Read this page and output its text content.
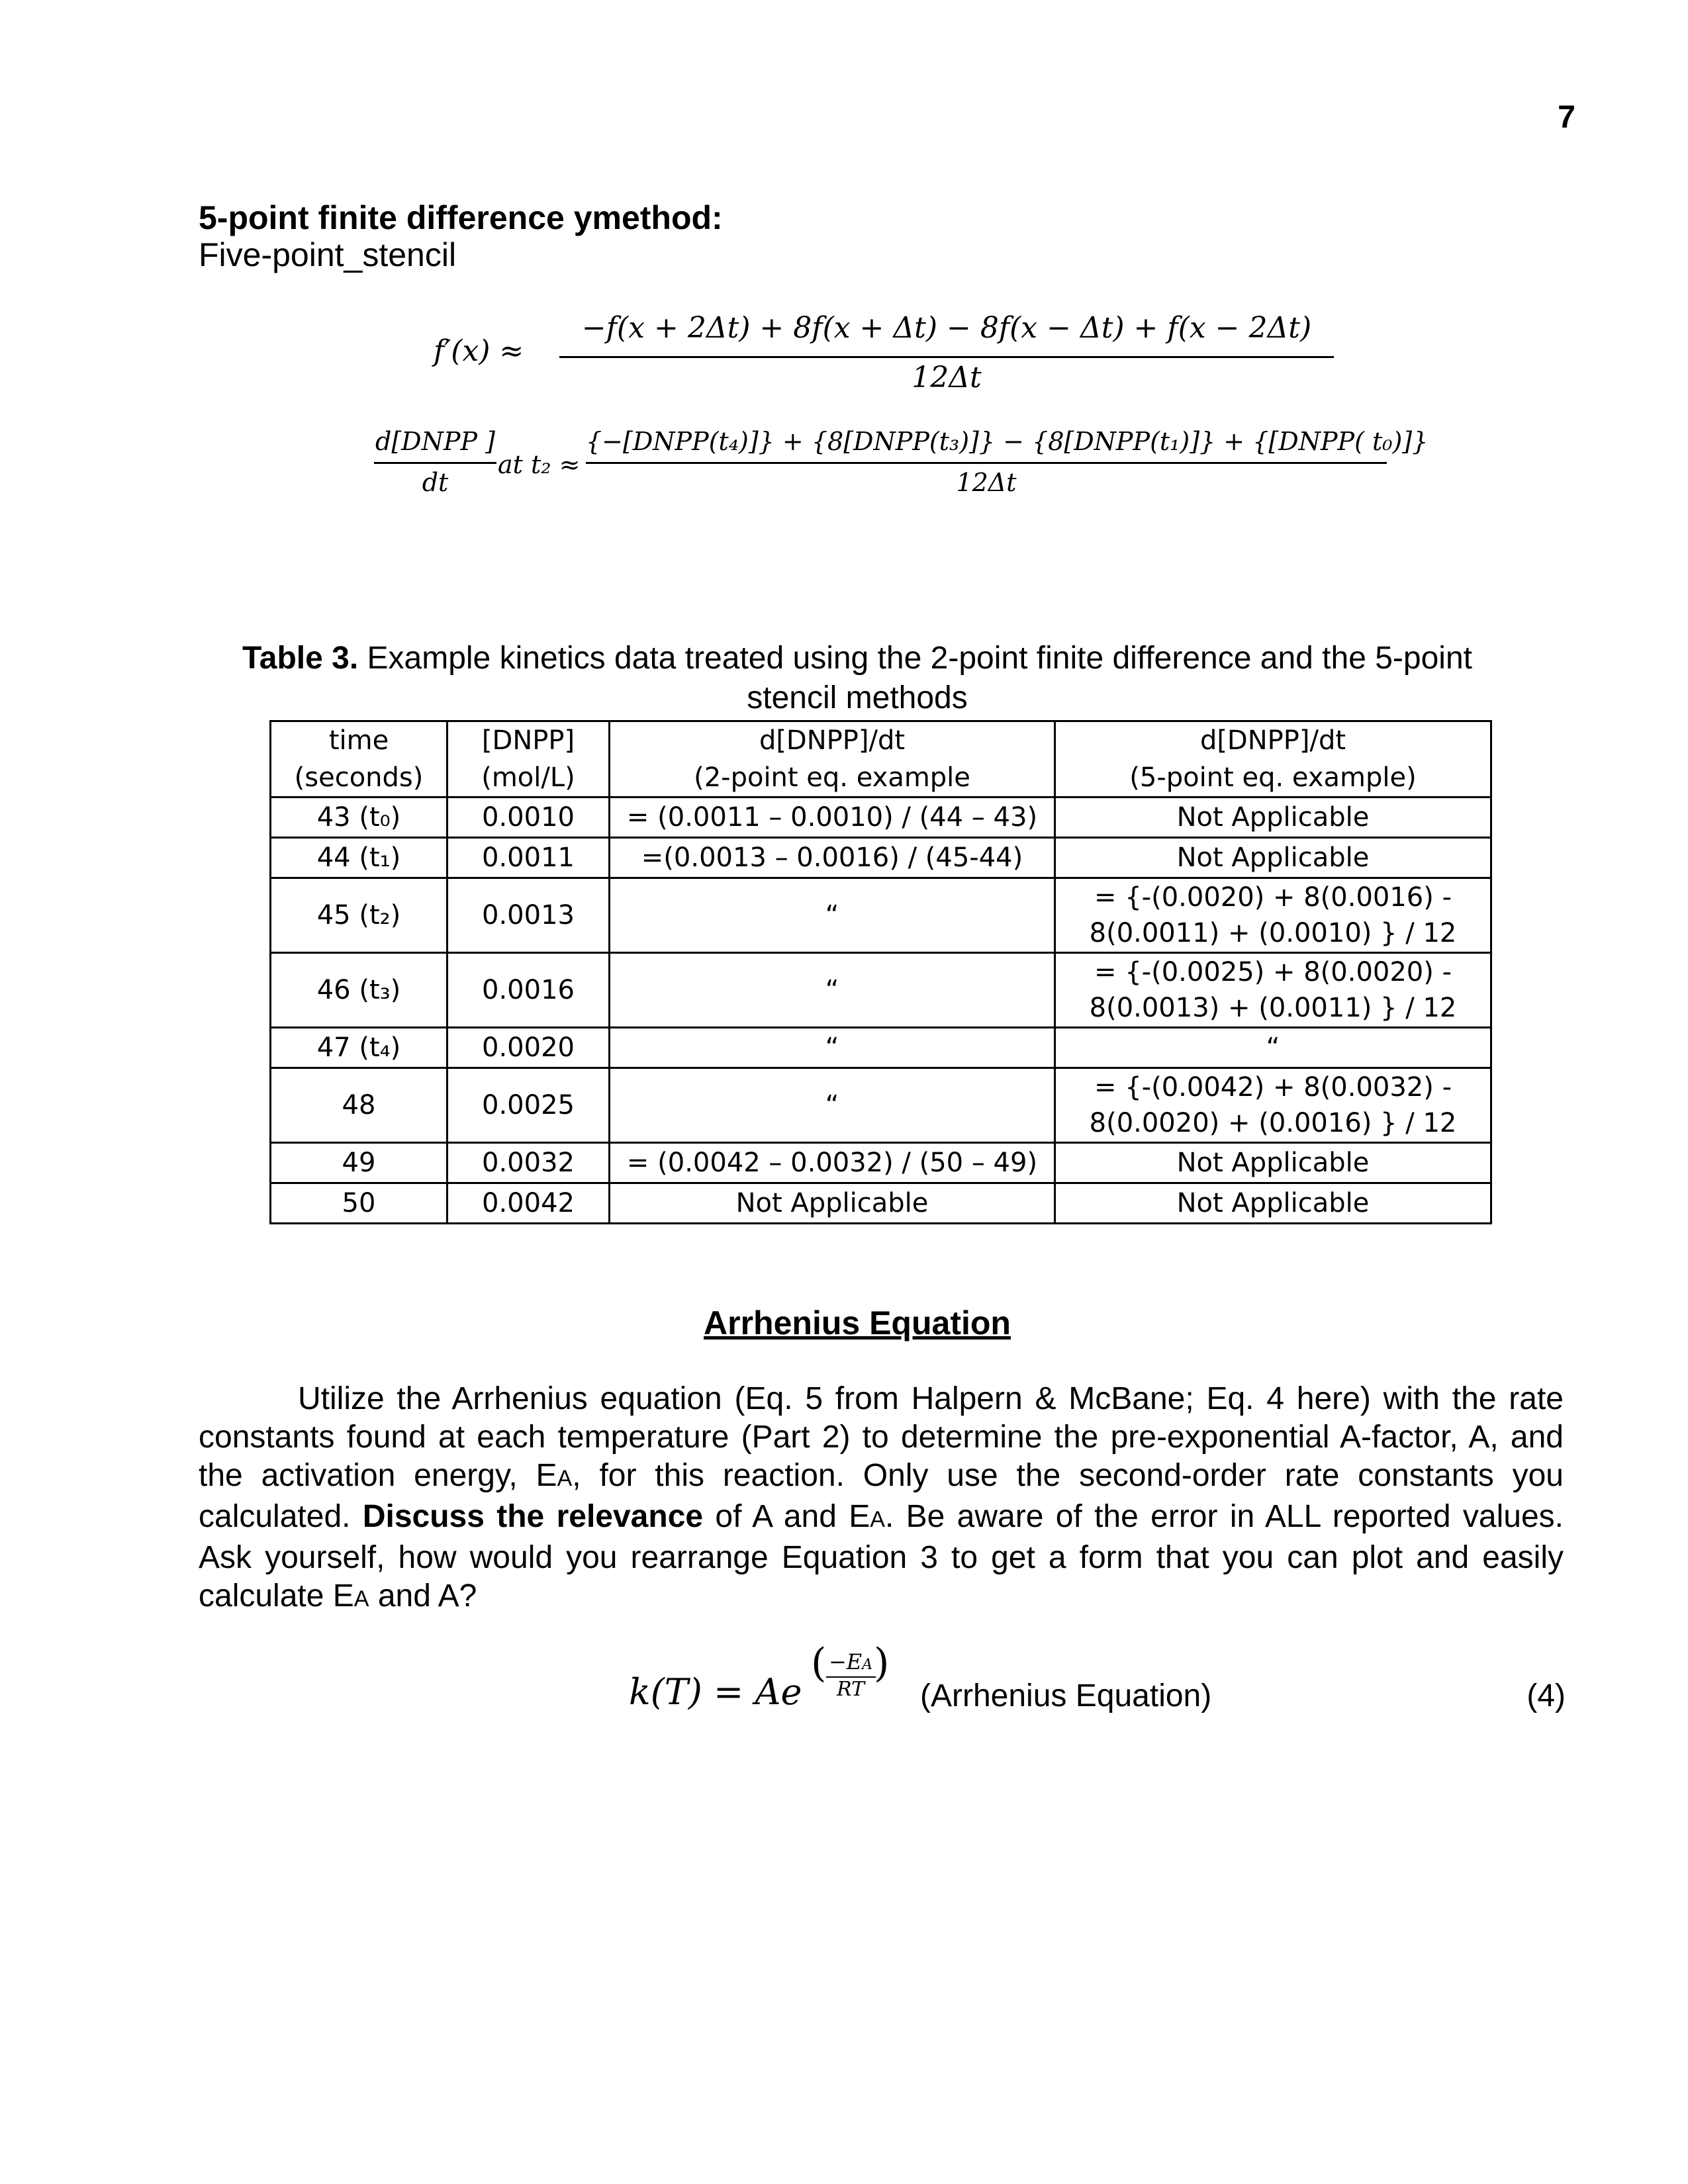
7
5-point finite difference ymethod:
Five-point_stencil
f′(x) ≈
−f(x + 2Δt) + 8f(x + Δt) − 8f(x − Δt) + f(x − 2Δt)
12Δt
d[DNPP ]
dt
at t₂ ≈
{−[DNPP(t₄)]} + {8[DNPP(t₃)]} − {8[DNPP(t₁)]} + {[DNPP( t₀)]}
12Δt
Table 3. Example kinetics data treated using the 2-point finite difference and the 5-point stencil methods
time	[DNPP]	d[DNPP]/dt	d[DNPP]/dt
(seconds)	(mol/L)	(2-point eq. example	(5-point eq. example)
43 (t₀)	0.0010	= (0.0011 – 0.0010) / (44 – 43)	Not Applicable
44 (t₁)	0.0011	=(0.0013 – 0.0016) / (45-44)	Not Applicable
45 (t₂)	0.0013	“	= {-(0.0020) + 8(0.0016) -
8(0.0011) + (0.0010) } / 12

46 (t₃)	0.0016	“	= {-(0.0025) + 8(0.0020) -
8(0.0013) + (0.0011) } / 12

47 (t₄)	0.0020	“	“
48	0.0025	“	= {-(0.0042) + 8(0.0032) -
8(0.0020) + (0.0016) } / 12

49	0.0032	= (0.0042 – 0.0032) / (50 – 49)	Not Applicable
50	0.0042	Not Applicable	Not Applicable
Arrhenius Equation

Utilize the Arrhenius equation (Eq. 5 from Halpern & McBane; Eq. 4 here) with the rate constants found at each temperature (Part 2) to determine the pre-exponential A-factor, A, and the activation energy, EA, for this reaction. Only use the second-order rate constants you calculated. Discuss the relevance of A and EA. Be aware of the error in ALL reported values. Ask yourself, how would you rearrange Equation 3 to get a form that you can plot and easily calculate EA and A?

k(T) = Ae
( −EA
RT
)
(Arrhenius Equation)	(4)
